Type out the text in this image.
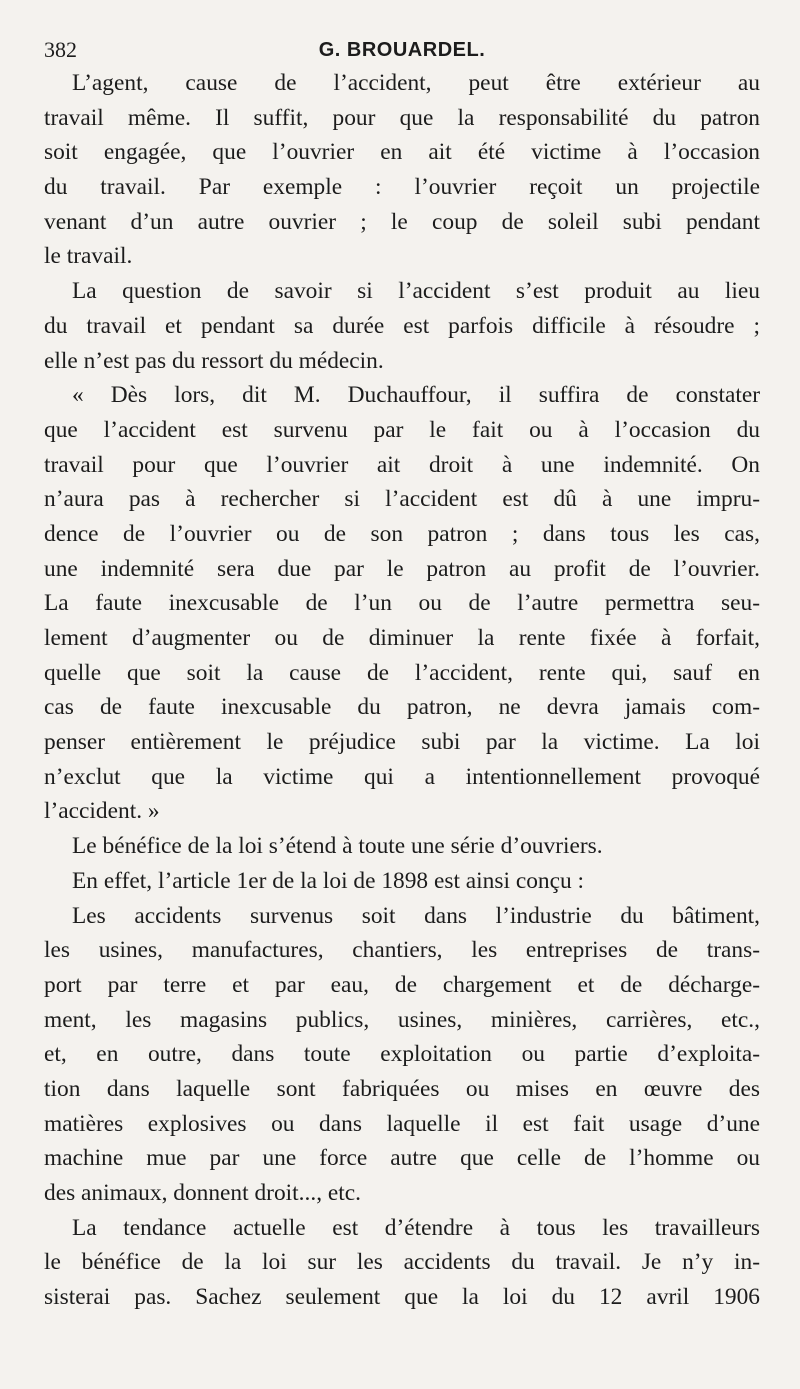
382	G. BROUARDEL.

L’agent, cause de l’accident, peut être extérieur au
travail même. Il suffit, pour que la responsabilité du patron
soit engagée, que l’ouvrier en ait été victime à l’occasion
du travail. Par exemple : l’ouvrier reçoit un projectile
venant d’un autre ouvrier ; le coup de soleil subi pendant
le travail.

La question de savoir si l’accident s’est produit au lieu
du travail et pendant sa durée est parfois difficile à résoudre ;
elle n’est pas du ressort du médecin.

« Dès lors, dit M. Duchauffour, il suffira de constater
que l’accident est survenu par le fait ou à l’occasion du
travail pour que l’ouvrier ait droit à une indemnité. On
n’aura pas à rechercher si l’accident est dû à une impru-
dence de l’ouvrier ou de son patron ; dans tous les cas,
une indemnité sera due par le patron au profit de l’ouvrier.
La faute inexcusable de l’un ou de l’autre permettra seu-
lement d’augmenter ou de diminuer la rente fixée à forfait,
quelle que soit la cause de l’accident, rente qui, sauf en
cas de faute inexcusable du patron, ne devra jamais com-
penser entièrement le préjudice subi par la victime. La loi
n’exclut que la victime qui a intentionnellement provoqué
l’accident. »

Le bénéfice de la loi s’étend à toute une série d’ouvriers.

En effet, l’article 1er de la loi de 1898 est ainsi conçu :

Les accidents survenus soit dans l’industrie du bâtiment,
les usines, manufactures, chantiers, les entreprises de trans-
port par terre et par eau, de chargement et de décharge-
ment, les magasins publics, usines, minières, carrières, etc.,
et, en outre, dans toute exploitation ou partie d’exploita-
tion dans laquelle sont fabriquées ou mises en œuvre des
matières explosives ou dans laquelle il est fait usage d’une
machine mue par une force autre que celle de l’homme ou
des animaux, donnent droit..., etc.

La tendance actuelle est d’étendre à tous les travailleurs
le bénéfice de la loi sur les accidents du travail. Je n’y in-
sisterai pas. Sachez seulement que la loi du 12 avril 1906
